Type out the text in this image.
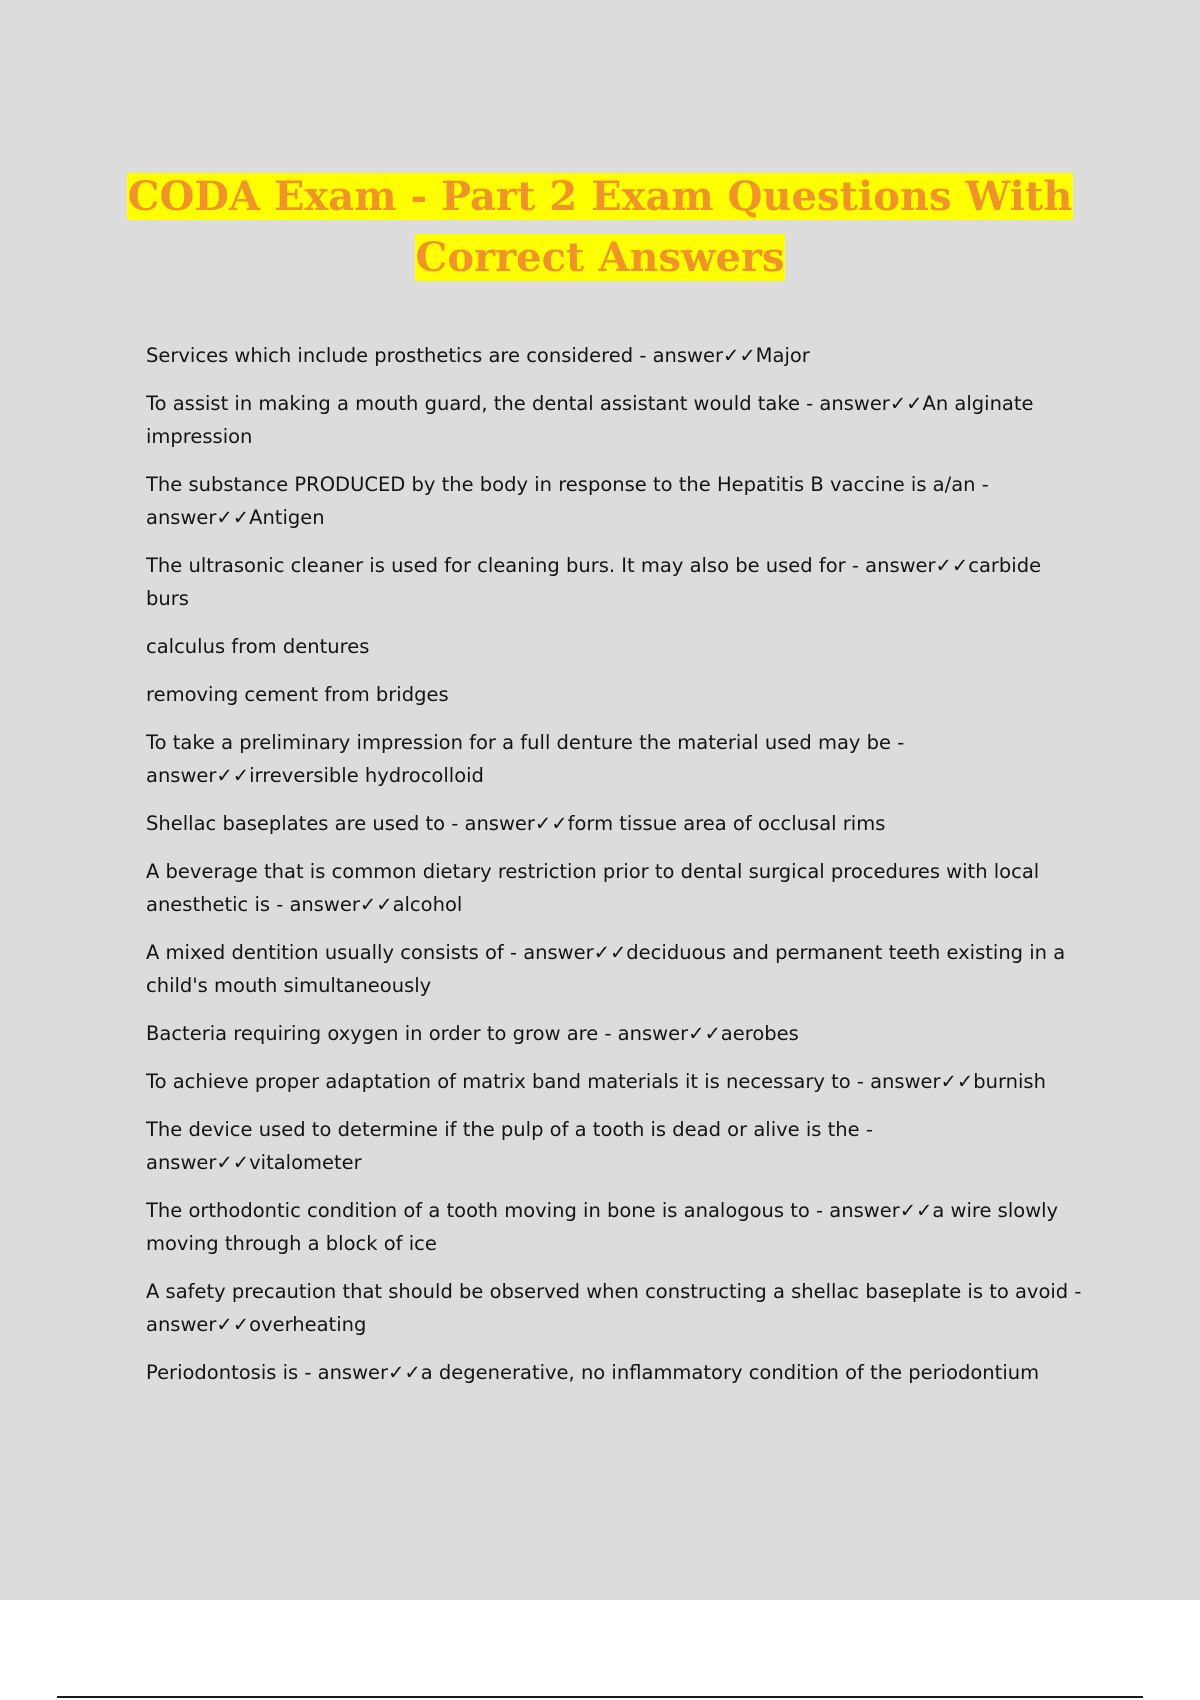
CODA Exam - Part 2 Exam Questions With
Correct Answers

Services which include prosthetics are considered - answer✓✓Major

To assist in making a mouth guard, the dental assistant would take - answer✓✓An alginate impression

The substance PRODUCED by the body in response to the Hepatitis B vaccine is a/an - answer✓✓Antigen

The ultrasonic cleaner is used for cleaning burs. It may also be used for - answer✓✓carbide burs

calculus from dentures

removing cement from bridges

To take a preliminary impression for a full denture the material used may be - answer✓✓irreversible hydrocolloid

Shellac baseplates are used to - answer✓✓form tissue area of occlusal rims

A beverage that is common dietary restriction prior to dental surgical procedures with local anesthetic is - answer✓✓alcohol

A mixed dentition usually consists of - answer✓✓deciduous and permanent teeth existing in a child's mouth simultaneously

Bacteria requiring oxygen in order to grow are - answer✓✓aerobes

To achieve proper adaptation of matrix band materials it is necessary to - answer✓✓burnish

The device used to determine if the pulp of a tooth is dead or alive is the - answer✓✓vitalometer

The orthodontic condition of a tooth moving in bone is analogous to - answer✓✓a wire slowly moving through a block of ice

A safety precaution that should be observed when constructing a shellac baseplate is to avoid - answer✓✓overheating

Periodontosis is - answer✓✓a degenerative, no inflammatory condition of the periodontium
